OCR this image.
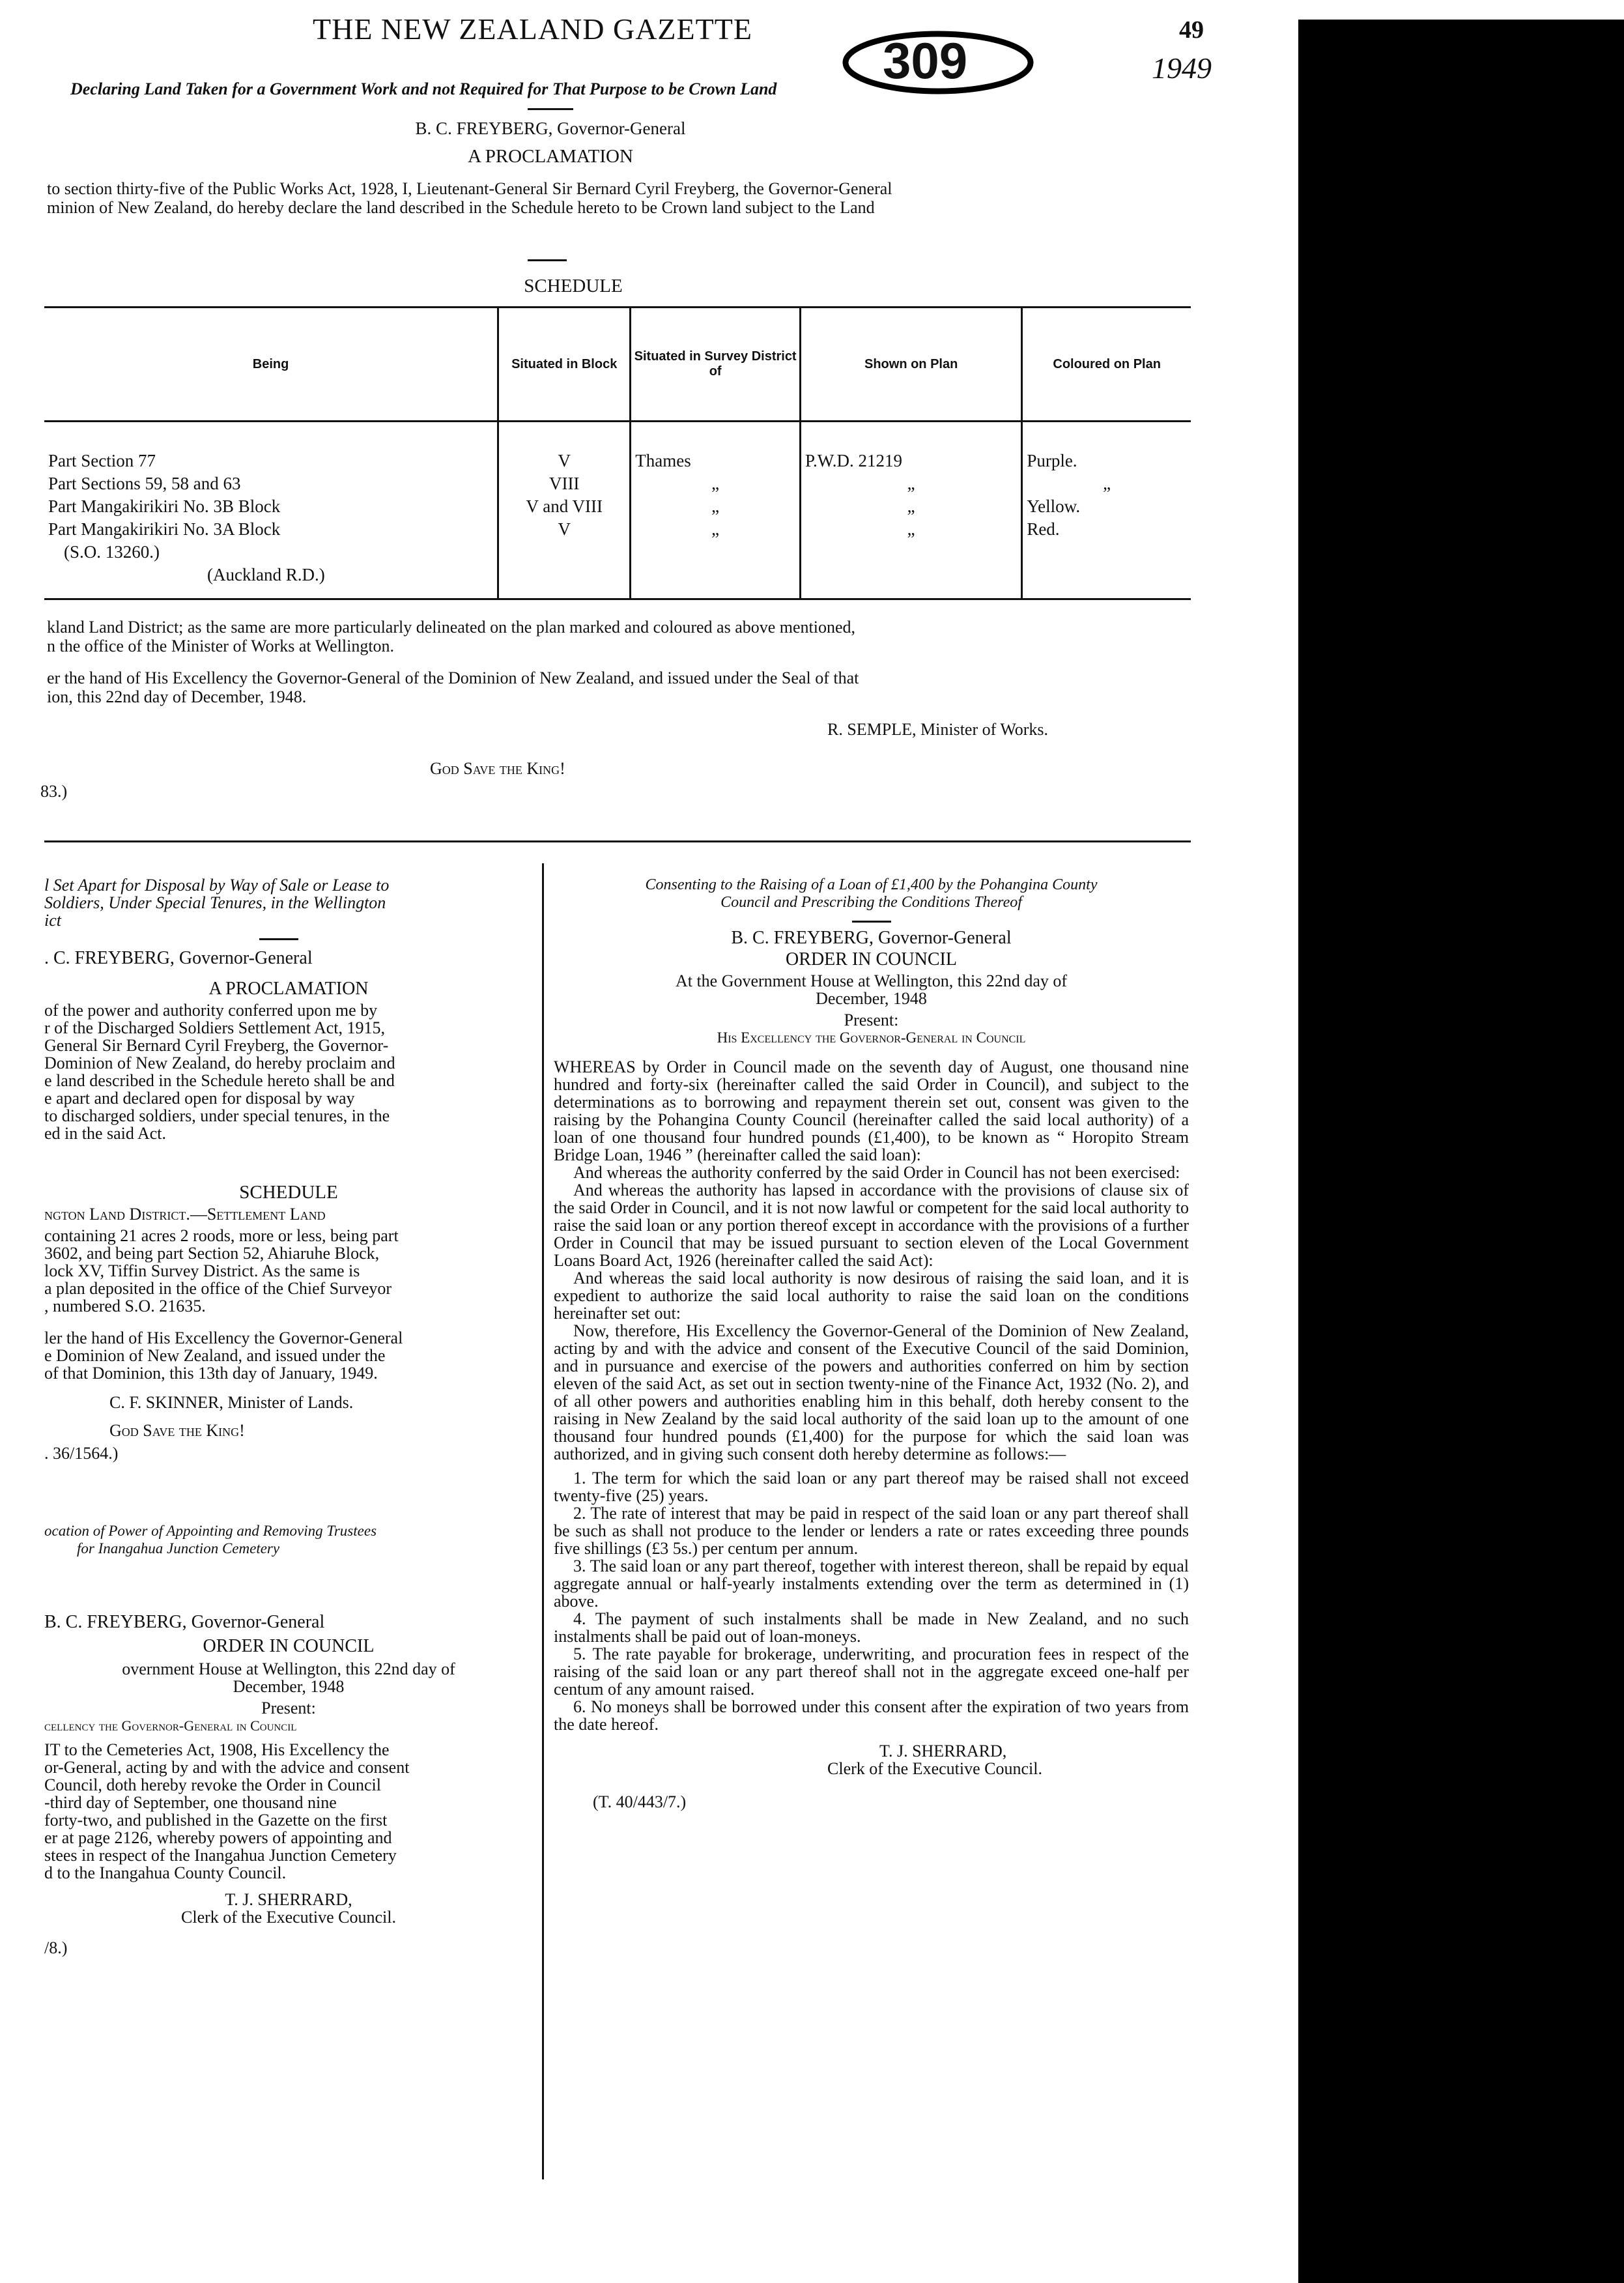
THE NEW ZEALAND GAZETTE	49
1949
309
Declaring Land Taken for a Government Work and not Required for That Purpose to be Crown Land
B. C. FREYBERG, Governor-General
A PROCLAMATION
to section thirty-five of the Public Works Act, 1928, I, Lieutenant-General Sir Bernard Cyril Freyberg, the Governor-General
minion of New Zealand, do hereby declare the land described in the Schedule hereto to be Crown land subject to the Land
SCHEDULE
Being	Situated in Block	Situated in Survey District of	Shown on Plan	Coloured on Plan
Part Section 77	V	Thames	P.W.D. 21219	Purple.
Part Sections 59, 58 and 63	VIII	„	„	„
Part Mangakirikiri No. 3B Block	V and VIII	„	„	Yellow.
Part Mangakirikiri No. 3A Block	V	„	„	Red.
(S.O. 13260.)				
(Auckland R.D.)				
kland Land District; as the same are more particularly delineated on the plan marked and coloured as above mentioned,
n the office of the Minister of Works at Wellington.
er the hand of His Excellency the Governor-General of the Dominion of New Zealand, and issued under the Seal of that
ion, this 22nd day of December, 1948.
R. SEMPLE, Minister of Works.
God Save the King!
83.)

l Set Apart for Disposal by Way of Sale or Lease to

Soldiers, Under Special Tenures, in the Wellington

ict

. C. FREYBERG, Governor-General

A PROCLAMATION

of the power and authority conferred upon me by

r of the Discharged Soldiers Settlement Act, 1915,

General Sir Bernard Cyril Freyberg, the Governor-

Dominion of New Zealand, do hereby proclaim and

e land described in the Schedule hereto shall be and

e apart and declared open for disposal by way

to discharged soldiers, under special tenures, in the

ed in the said Act.

SCHEDULE

ngton Land District.—Settlement Land

containing 21 acres 2 roods, more or less, being part

3602, and being part Section 52, Ahiaruhe Block,

lock XV, Tiffin Survey District. As the same is

a plan deposited in the office of the Chief Surveyor

, numbered S.O. 21635.

ler the hand of His Excellency the Governor-General

e Dominion of New Zealand, and issued under the

of that Dominion, this 13th day of January, 1949.

C. F. SKINNER, Minister of Lands.

God Save the King!

. 36/1564.)

ocation of Power of Appointing and Removing Trustees

for Inangahua Junction Cemetery

B. C. FREYBERG, Governor-General

ORDER IN COUNCIL

overnment House at Wellington, this 22nd day of

December, 1948

Present:

cellency the Governor-General in Council

IT to the Cemeteries Act, 1908, His Excellency the

or-General, acting by and with the advice and consent

Council, doth hereby revoke the Order in Council

-third day of September, one thousand nine

forty-two, and published in the Gazette on the first

er at page 2126, whereby powers of appointing and

stees in respect of the Inangahua Junction Cemetery

d to the Inangahua County Council.

T. J. SHERRARD,

Clerk of the Executive Council.

/8.)

Consenting to the Raising of a Loan of £1,400 by the Pohangina County

Council and Prescribing the Conditions Thereof

B. C. FREYBERG, Governor-General

ORDER IN COUNCIL

At the Government House at Wellington, this 22nd day of

December, 1948

Present:

His Excellency the Governor-General in Council

WHEREAS by Order in Council made on the seventh day of August, one thousand nine hundred and forty-six (hereinafter called the said Order in Council), and subject to the determinations as to borrowing and repayment therein set out, consent was given to the raising by the Pohangina County Council (hereinafter called the said local authority) of a loan of one thousand four hundred pounds (£1,400), to be known as “ Horopito Stream Bridge Loan, 1946 ” (hereinafter called the said loan):

And whereas the authority conferred by the said Order in Council has not been exercised:

And whereas the authority has lapsed in accordance with the provisions of clause six of the said Order in Council, and it is not now lawful or competent for the said local authority to raise the said loan or any portion thereof except in accordance with the provisions of a further Order in Council that may be issued pursuant to section eleven of the Local Government Loans Board Act, 1926 (hereinafter called the said Act):

And whereas the said local authority is now desirous of raising the said loan, and it is expedient to authorize the said local authority to raise the said loan on the conditions hereinafter set out:

Now, therefore, His Excellency the Governor-General of the Dominion of New Zealand, acting by and with the advice and consent of the Executive Council of the said Dominion, and in pursuance and exercise of the powers and authorities conferred on him by section eleven of the said Act, as set out in section twenty-nine of the Finance Act, 1932 (No. 2), and of all other powers and authorities enabling him in this behalf, doth hereby consent to the raising in New Zealand by the said local authority of the said loan up to the amount of one thousand four hundred pounds (£1,400) for the purpose for which the said loan was authorized, and in giving such consent doth hereby determine as follows:—

1. The term for which the said loan or any part thereof may be raised shall not exceed twenty-five (25) years.

2. The rate of interest that may be paid in respect of the said loan or any part thereof shall be such as shall not produce to the lender or lenders a rate or rates exceeding three pounds five shillings (£3 5s.) per centum per annum.

3. The said loan or any part thereof, together with interest thereon, shall be repaid by equal aggregate annual or half-yearly instalments extending over the term as determined in (1) above.

4. The payment of such instalments shall be made in New Zealand, and no such instalments shall be paid out of loan-moneys.

5. The rate payable for brokerage, underwriting, and procuration fees in respect of the raising of the said loan or any part thereof shall not in the aggregate exceed one-half per centum of any amount raised.

6. No moneys shall be borrowed under this consent after the expiration of two years from the date hereof.

T. J. SHERRARD,

Clerk of the Executive Council.

(T. 40/443/7.)
